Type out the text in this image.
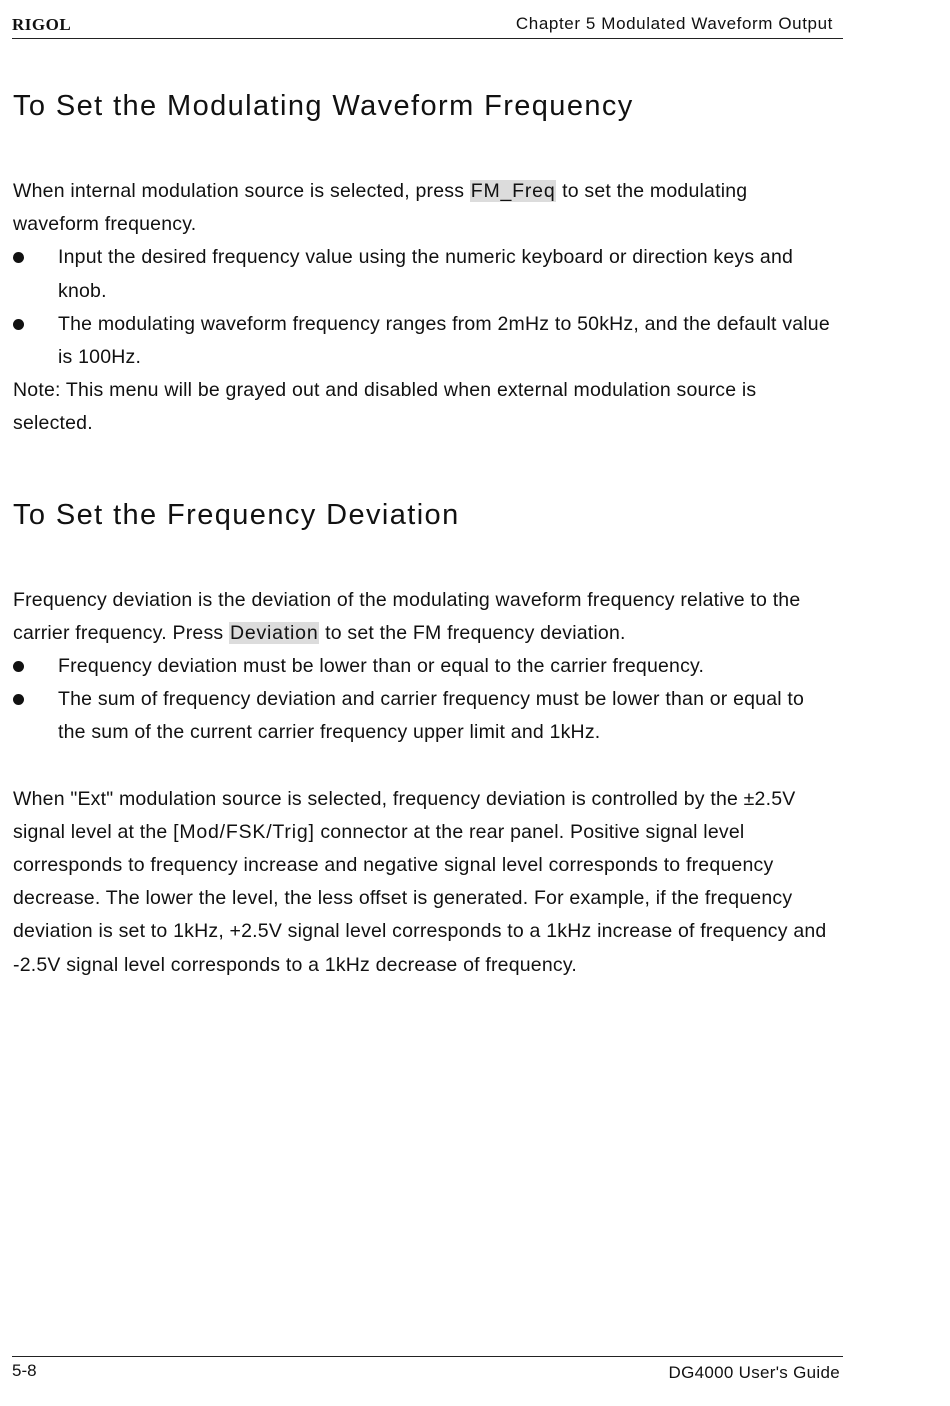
RIGOL	Chapter 5 Modulated Waveform Output
To Set the Modulating Waveform Frequency

When internal modulation source is selected, press FM_Freq to set the modulating waveform frequency.

Input the desired frequency value using the numeric keyboard or direction keys and knob.
The modulating waveform frequency ranges from 2mHz to 50kHz, and the default value is 100Hz.

Note: This menu will be grayed out and disabled when external modulation source is selected.

To Set the Frequency Deviation

Frequency deviation is the deviation of the modulating waveform frequency relative to the carrier frequency. Press Deviation to set the FM frequency deviation.

Frequency deviation must be lower than or equal to the carrier frequency.
The sum of frequency deviation and carrier frequency must be lower than or equal to the sum of the current carrier frequency upper limit and 1kHz.

When "Ext" modulation source is selected, frequency deviation is controlled by the ±2.5V signal level at the [Mod/FSK/Trig] connector at the rear panel. Positive signal level corresponds to frequency increase and negative signal level corresponds to frequency decrease. The lower the level, the less offset is generated. For example, if the frequency deviation is set to 1kHz, +2.5V signal level corresponds to a 1kHz increase of frequency and -2.5V signal level corresponds to a 1kHz decrease of frequency.

5-8	DG4000 User's Guide
